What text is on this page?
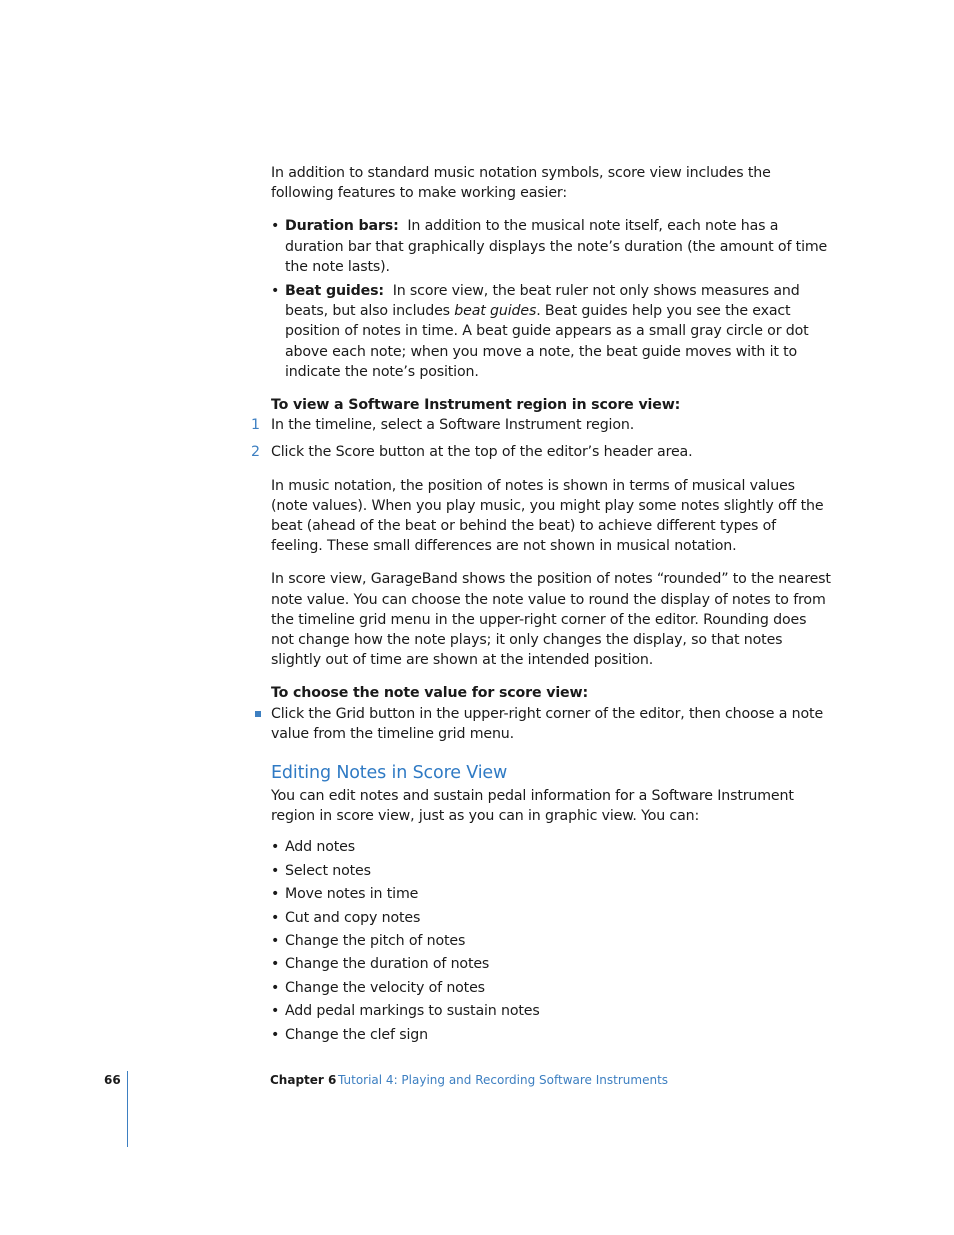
In addition to standard music notation symbols, score view includes the following features to make working easier:

• Duration bars: In addition to the musical note itself, each note has a duration bar that graphically displays the note’s duration (the amount of time the note lasts).
• Beat guides: In score view, the beat ruler not only shows measures and beats, but also includes beat guides. Beat guides help you see the exact position of notes in time. A beat guide appears as a small gray circle or dot above each note; when you move a note, the beat guide moves with it to indicate the note’s position.

To view a Software Instrument region in score view:

1 In the timeline, select a Software Instrument region.
2 Click the Score button at the top of the editor’s header area.

In music notation, the position of notes is shown in terms of musical values (note values). When you play music, you might play some notes slightly off the beat (ahead of the beat or behind the beat) to achieve different types of feeling. These small differences are not shown in musical notation.

In score view, GarageBand shows the position of notes “rounded” to the nearest note value. You can choose the note value to round the display of notes to from the timeline grid menu in the upper-right corner of the editor. Rounding does not change how the note plays; it only changes the display, so that notes slightly out of time are shown at the intended position.

To choose the note value for score view:

Click the Grid button in the upper-right corner of the editor, then choose a note value from the timeline grid menu.
Editing Notes in Score View

You can edit notes and sustain pedal information for a Software Instrument region in score view, just as you can in graphic view. You can:

• Add notes
• Select notes
• Move notes in time
• Cut and copy notes
• Change the pitch of notes
• Change the duration of notes
• Change the velocity of notes
• Add pedal markings to sustain notes
• Change the clef sign
66	Chapter 6 Tutorial 4: Playing and Recording Software Instruments
